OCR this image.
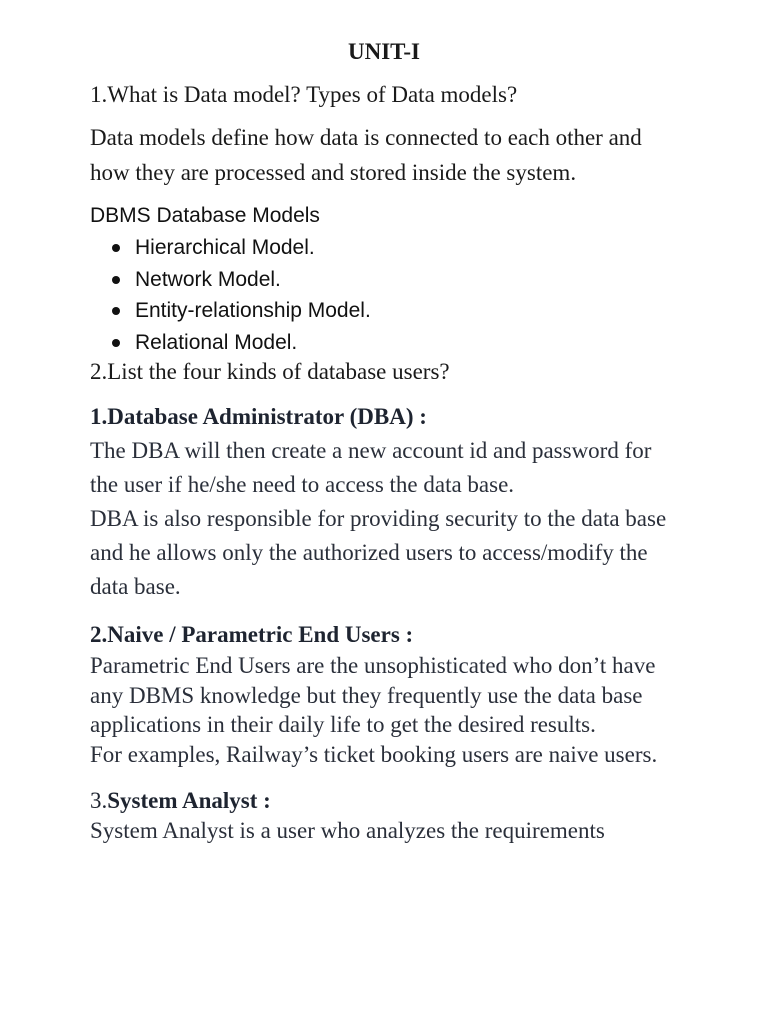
UNIT-I

1.What is Data model? Types of Data models?

Data models define how data is connected to each other and how they are processed and stored inside the system.

DBMS Database Models

Hierarchical Model.
Network Model.
Entity-relationship Model.
Relational Model.

2.List the four kinds of database users?

1.Database Administrator (DBA) :

The DBA will then create a new account id and password for the user if he/she need to access the data base.

DBA is also responsible for providing security to the data base and he allows only the authorized users to access/modify the data base.

2.Naive / Parametric End Users :

Parametric End Users are the unsophisticated who don’t have any DBMS knowledge but they frequently use the data base applications in their daily life to get the desired results.

For examples, Railway’s ticket booking users are naive users.

3.System Analyst :

System Analyst is a user who analyzes the requirements
